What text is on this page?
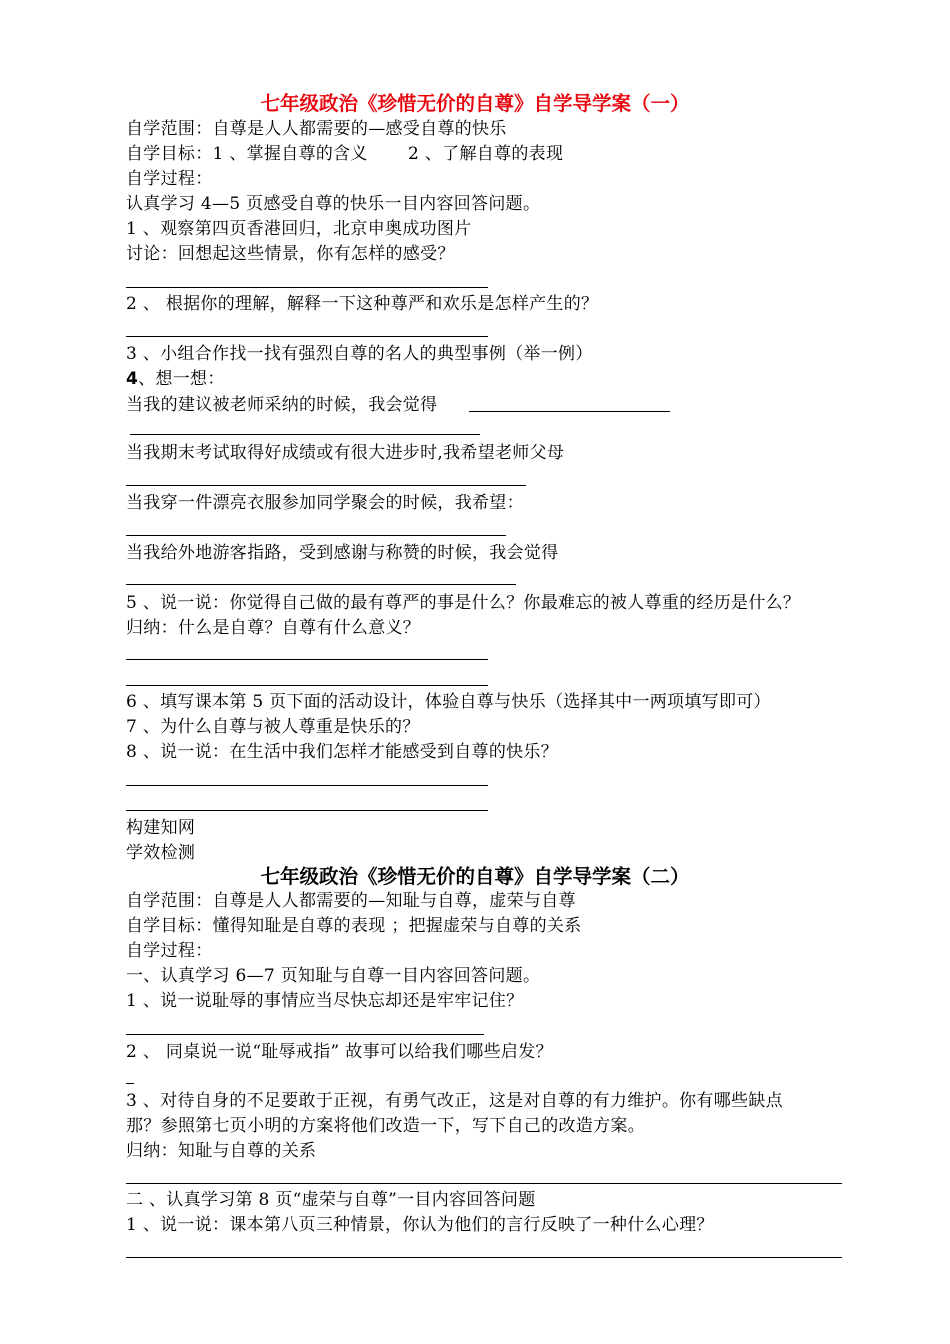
七年级政治《珍惜无价的自尊》自学导学案（一）
自学范围：自尊是人人都需要的—感受自尊的快乐
自学目标：1 、掌握自尊的含义　　 2 、了解自尊的表现
自学过程：
认真学习 4—5 页感受自尊的快乐一目内容回答问题。
1 、观察第四页香港回归，北京申奥成功图片
讨论：回想起这些情景，你有怎样的感受？
2 、 根据你的理解，解释一下这种尊严和欢乐是怎样产生的？
3 、小组合作找一找有强烈自尊的名人的典型事例（举一例）
4、想一想：
当我的建议被老师采纳的时候，我会觉得
当我期末考试取得好成绩或有很大进步时,我希望老师父母
当我穿一件漂亮衣服参加同学聚会的时候，我希望：
当我给外地游客指路，受到感谢与称赞的时候，我会觉得
5 、说一说：你觉得自己做的最有尊严的事是什么？你最难忘的被人尊重的经历是什么？
归纳：什么是自尊？自尊有什么意义？
6 、填写课本第 5 页下面的活动设计，体验自尊与快乐（选择其中一两项填写即可）
7 、为什么自尊与被人尊重是快乐的？
8 、说一说：在生活中我们怎样才能感受到自尊的快乐？
构建知网
学效检测
七年级政治《珍惜无价的自尊》自学导学案（二）
自学范围：自尊是人人都需要的—知耻与自尊，虚荣与自尊
自学目标：懂得知耻是自尊的表现 ；把握虚荣与自尊的关系
自学过程：
一、认真学习 6—7 页知耻与自尊一目内容回答问题。
1 、说一说耻辱的事情应当尽快忘却还是牢牢记住？
2 、 同桌说一说“耻辱戒指” 故事可以给我们哪些启发？
3 、对待自身的不足要敢于正视，有勇气改正，这是对自尊的有力维护。你有哪些缺点
那？参照第七页小明的方案将他们改造一下，写下自己的改造方案。
归纳：知耻与自尊的关系
二 、认真学习第 8 页“虚荣与自尊”一目内容回答问题
1 、说一说：课本第八页三种情景，你认为他们的言行反映了一种什么心理？
